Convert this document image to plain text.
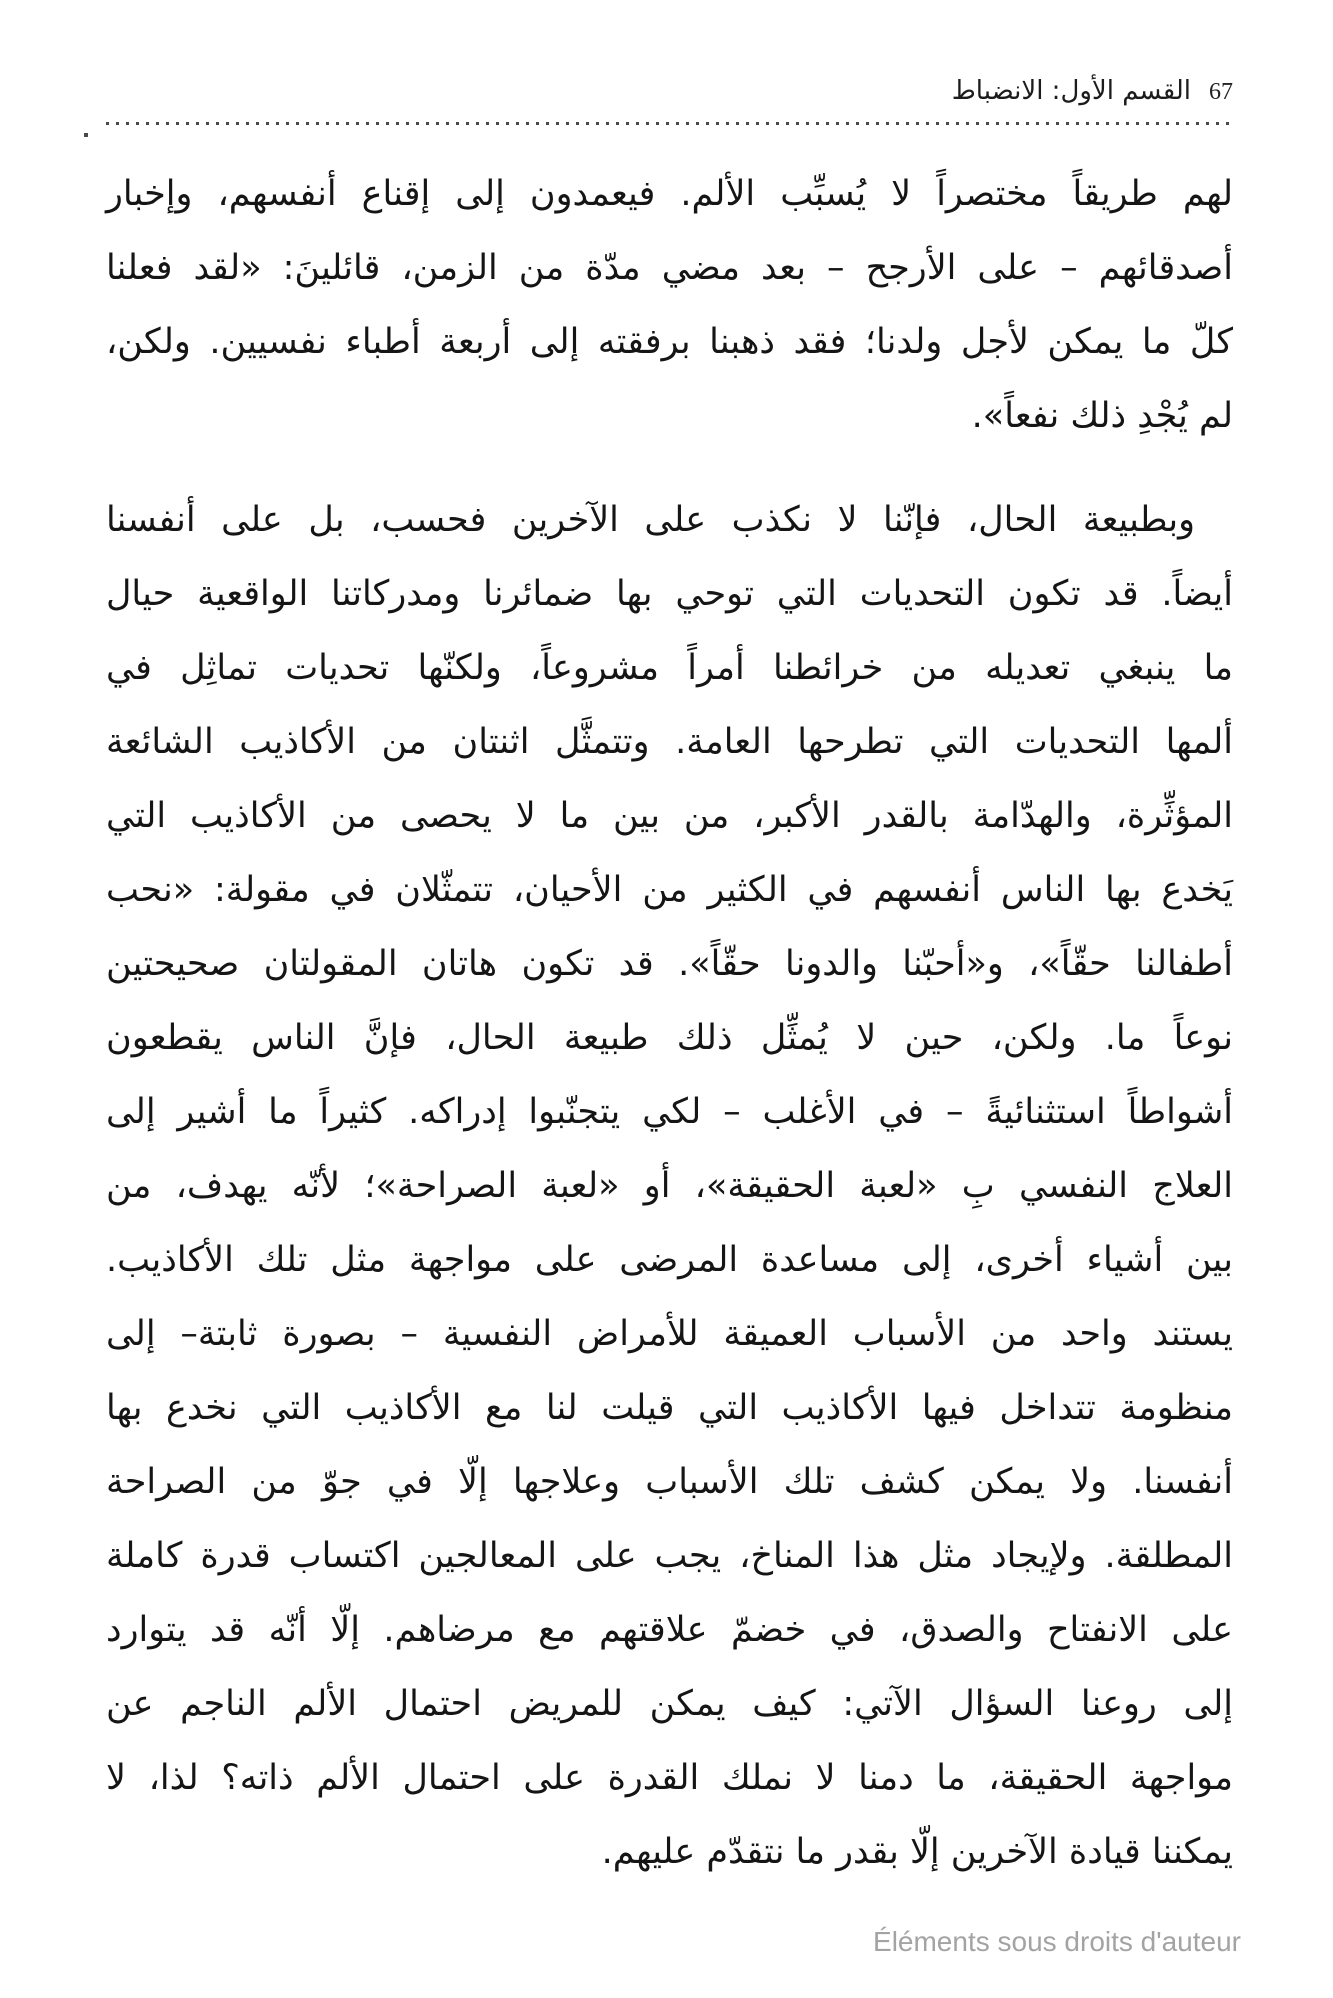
القسم الأول: الانضباط 67
لهم طريقاً مختصراً لا يُسبِّب الألم. فيعمدون إلى إقناع أنفسهم، وإخبار
أصدقائهم – على الأرجح – بعد مضي مدّة من الزمن، قائلينَ: «لقد فعلنا
كلّ ما يمكن لأجل ولدنا؛ فقد ذهبنا برفقته إلى أربعة أطباء نفسيين. ولكن،
لم يُجْدِ ذلك نفعاً».
وبطبيعة الحال، فإنّنا لا نكذب على الآخرين فحسب، بل على أنفسنا
أيضاً. قد تكون التحديات التي توحي بها ضمائرنا ومدركاتنا الواقعية حيال
ما ينبغي تعديله من خرائطنا أمراً مشروعاً، ولكنّها تحديات تماثِل في
ألمها التحديات التي تطرحها العامة. وتتمثَّل اثنتان من الأكاذيب الشائعة
المؤثِّرة، والهدّامة بالقدر الأكبر، من بين ما لا يحصى من الأكاذيب التي
يَخدع بها الناس أنفسهم في الكثير من الأحيان، تتمثّلان في مقولة: «نحب
أطفالنا حقّاً»، و«أحبّنا والدونا حقّاً». قد تكون هاتان المقولتان صحيحتين
نوعاً ما. ولكن، حين لا يُمثِّل ذلك طبيعة الحال، فإنَّ الناس يقطعون
أشواطاً استثنائيةً – في الأغلب – لكي يتجنّبوا إدراكه. كثيراً ما أشير إلى
العلاج النفسي بِ «لعبة الحقيقة»، أو «لعبة الصراحة»؛ لأنّه يهدف، من
بين أشياء أخرى، إلى مساعدة المرضى على مواجهة مثل تلك الأكاذيب.
يستند واحد من الأسباب العميقة للأمراض النفسية – بصورة ثابتة– إلى
منظومة تتداخل فيها الأكاذيب التي قيلت لنا مع الأكاذيب التي نخدع بها
أنفسنا. ولا يمكن كشف تلك الأسباب وعلاجها إلّا في جوّ من الصراحة
المطلقة. ولإيجاد مثل هذا المناخ، يجب على المعالجين اكتساب قدرة كاملة
على الانفتاح والصدق، في خضمّ علاقتهم مع مرضاهم. إلّا أنّه قد يتوارد
إلى روعنا السؤال الآتي: كيف يمكن للمريض احتمال الألم الناجم عن
مواجهة الحقيقة، ما دمنا لا نملك القدرة على احتمال الألم ذاته؟ لذا، لا
يمكننا قيادة الآخرين إلّا بقدر ما نتقدّم عليهم.
Éléments sous droits d'auteur
